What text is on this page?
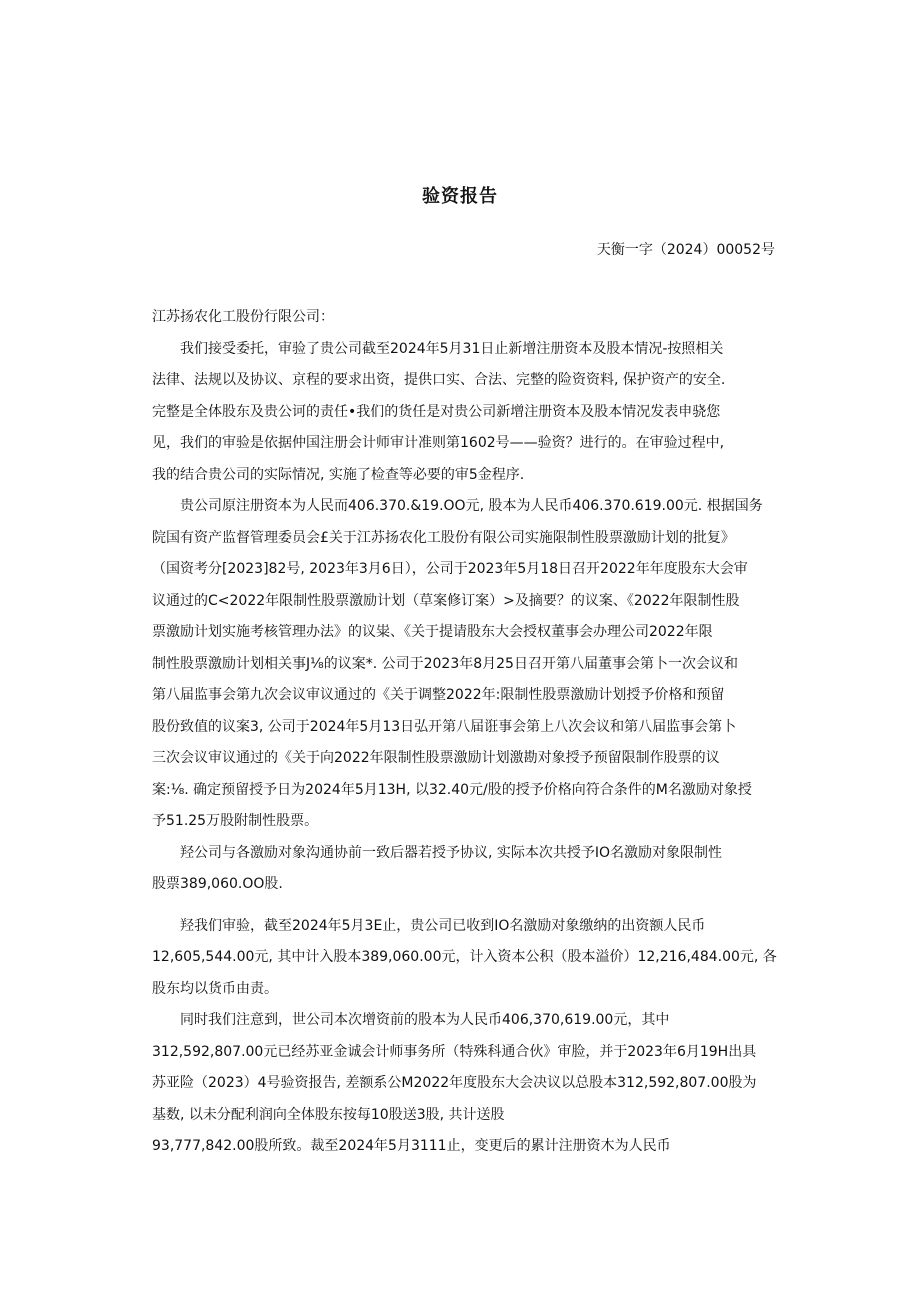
验资报告
天衡一字（2024）00052号
江苏扬农化工股份行限公司：
我们接受委托，审验了贵公司截至2024年5月31日止新增注册资本及股本情况-按照相关
法律、法规以及协议、京程的要求出资，提供口实、合法、完整的险资资料, 保护资产的安全.
完整是全体股东及贵公诃的责任•我们的货任是对贵公司新增注册资本及股本情况发表申骁您
见，我们的审验是依据仲国注册会计师审计准则第1602号——验资？进行的。在审验过程中,
我的结合贵公司的实际情况, 实施了检查等必要的审5金程序.
贵公司原注册资本为人民而406.370.&19.OO元, 股本为人民币406.370.619.00元. 根据国务
院国有资产监督管理委员会£关于江苏扬农化工股份有限公司实施限制性股票激励计划的批复》
（国资考分[2023]82号, 2023年3月6日），公司于2023年5月18日召开2022年年度股东大会审
议通过的C<2022年限制性股票激励计划（草案修订案）>及摘要？的议案、《2022年限制性股
票激励计划实施考核管理办法》的议粜、《关于提请股东大会授权董事会办理公司2022年限
制性股票激励计划相关事J⅛的议案*. 公司于2023年8月25日召开第八届董事会第卜一次会议和
第八届监事会第九次会议审议通过的《关于调整2022年:限制性股票激励计划授予价格和预留
股份致值的议案3, 公司于2024年5月13日弘开第八届诳事会第上八次会议和第八届监事会第卜
三次会议审议通过的《关于向2022年限制性股票激励计划激勘对象授予预留限制作股票的议
案:⅛. 确定预留授予日为2024年5月13H, 以32.40元/股的授予价格向符合条件的M名激励对象授
予51.25万股附制性股票。
羟公司与各激励对象沟通协前一致后器若授予协议, 实际本次共授予IO名激励对象限制性
股票389,060.OO股.
羟我们审验，截至2024年5月3E止，贵公司已收到IO名激励对象缴纳的出资额人民币
12,605,544.00元, 其中计入股本389,060.00元，计入资本公积（股本溢价）12,216,484.00元, 各
股东均以货币由责。
同时我们注意到，世公司本次增资前的股本为人民币406,370,619.00元，其中
312,592,807.00元已经苏亚金诚会计师事务所（特殊科通合伙》审脸，并于2023年6月19H出具
苏亚险（2023）4号验资报告, 差额系公M2022年度股东大会决议以总股本312,592,807.00股为
基数, 以未分配利润向全体股东按每10股送3股, 共计送股
93,777,842.00股所致。裁至2024年5月3111止，变更后的累计注册资木为人民币
